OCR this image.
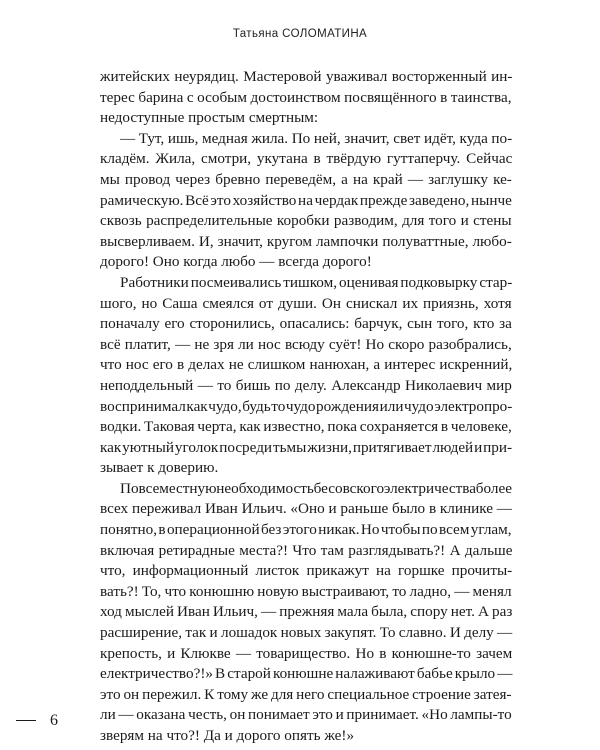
Татьяна СОЛОМАТИНА
житейских неурядиц. Мастеровой уваживал восторженный ин-
терес барина с особым достоинством посвящённого в таинства,
недоступные простым смертным:
— Тут, ишь, медная жила. По ней, значит, свет идёт, куда по-
кладём. Жила, смотри, укутана в твёрдую гуттаперчу. Сейчас
мы провод через бревно переведём, а на край — заглушку ке-
рамическую. Всё это хозяйство на чердак прежде заведено, нынче
сквозь распределительные коробки разводим, для того и стены
высверливаем. И, значит, кругом лампочки полуваттные, любо-
дорого! Оно когда любо — всегда дорого!
Работники посмеивались тишком, оценивая подковырку стар-
шого, но Саша смеялся от души. Он снискал их приязнь, хотя
поначалу его сторонились, опасались: барчук, сын того, кто за
всё платит, — не зря ли нос всюду суёт! Но скоро разобрались,
что нос его в делах не слишком нанюхан, а интерес искренний,
неподдельный — то бишь по делу. Александр Николаевич мир
воспринимал как чудо, будь то чудо рождения или чудо электропро-
водки. Таковая черта, как известно, пока сохраняется в человеке,
как уютный уголок посреди тьмы жизни, притягивает людей и при-
зывает к доверию.
Повсеместную необходимость бесовского электричества более
всех переживал Иван Ильич. «Оно и раньше было в клинике —
понятно, в операционной без этого никак. Но чтобы по всем углам,
включая ретирадные места?! Что там разглядывать?! А дальше
что, информационный листок прикажут на горшке прочиты-
вать?! То, что конюшню новую выстраивают, то ладно, — менял
ход мыслей Иван Ильич, — прежняя мала была, спору нет. А раз
расширение, так и лошадок новых закупят. То славно. И делу —
крепость, и Клюкве — товарищество. Но в конюшне-то зачем
електричество?!» В старой конюшне налаживают бабье крыло —
это он пережил. К тому же для него специальное строение затея-
ли — оказана честь, он понимает это и принимает. «Но лампы-то
зверям на что?! Да и дорого опять же!»
6
